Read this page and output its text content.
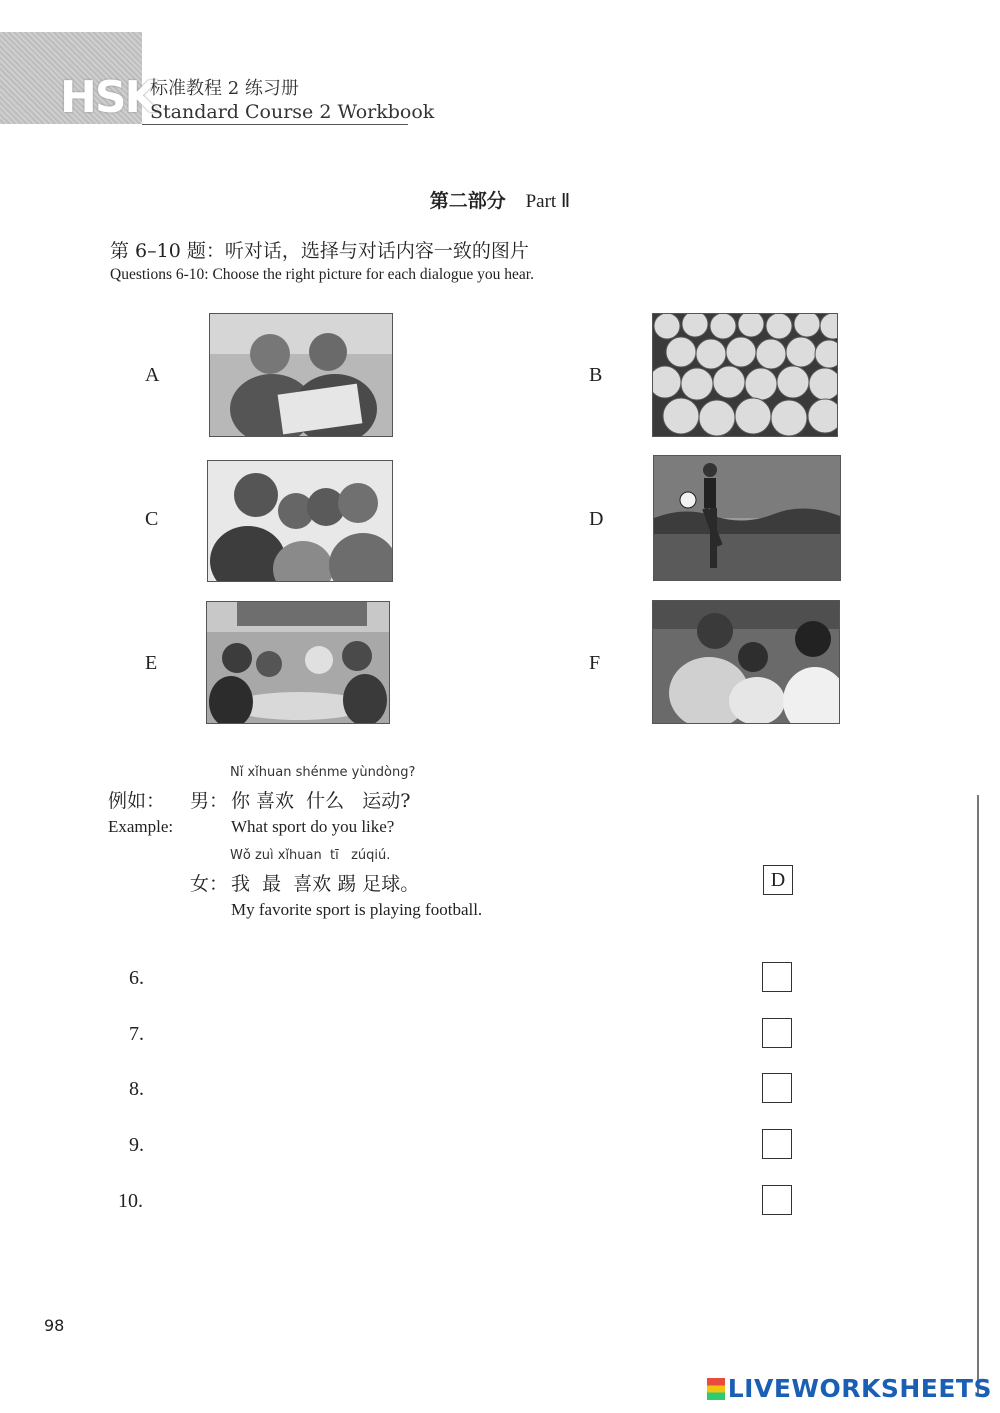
HSK
标准教程 2 练习册
Standard Course 2 Workbook
第二部分 Part Ⅱ
第 6–10 题：听对话，选择与对话内容一致的图片
Questions 6-10: Choose the right picture for each dialogue you hear.
A	B
C	D
E	F
Nǐ xǐhuan shénme yùndòng?
例如： 男： 你 喜欢  什么   运动?
Example:	What sport do you like?
Wǒ zuì xǐhuan  tī   zúqiú.
女： 我  最  喜欢 踢 足球。
My favorite sport is playing football.
D
6.
7.
8.
9.
10.
98
LIVEWORKSHEETS
